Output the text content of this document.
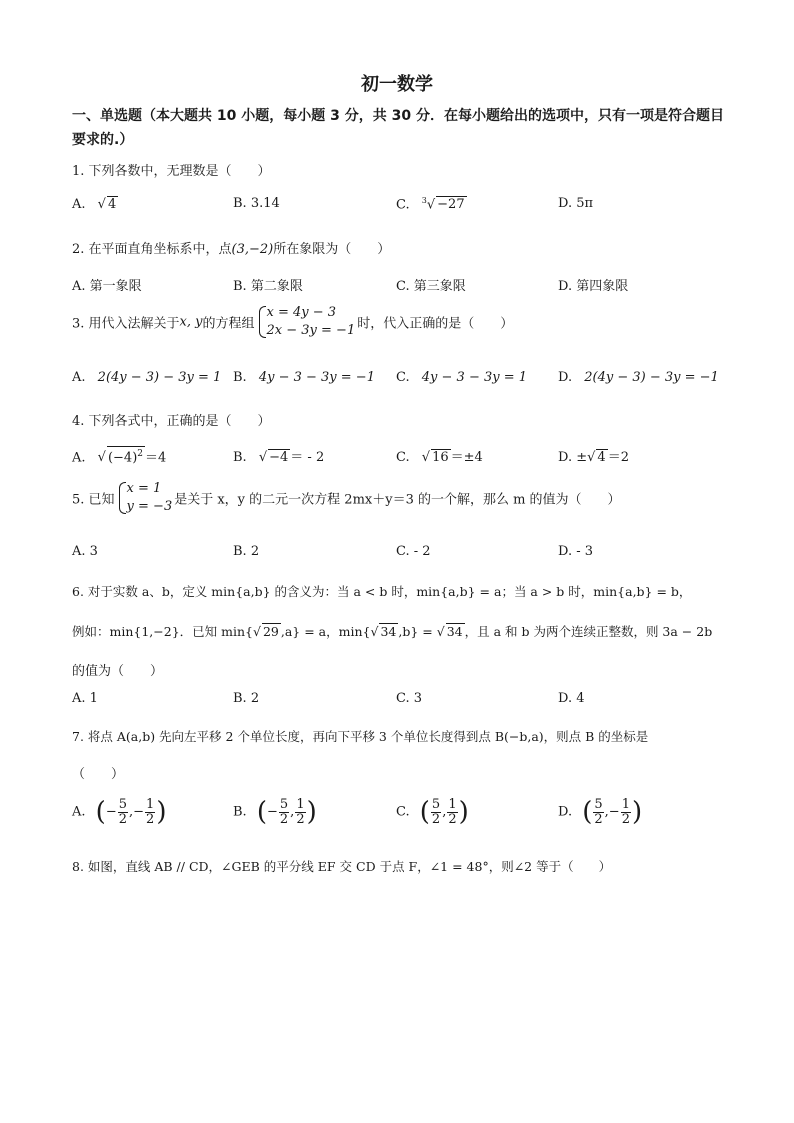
初一数学
一、单选题（本大题共 10 小题，每小题 3 分，共 30 分．在每小题给出的选项中，只有一项是符合题目要求的.）
1. 下列各数中，无理数是（　　）
A. √ 4	B. 3.14	C. $^3$√ −27	D. 5π
2. 在平面直角坐标系中，点(3,−2)所在象限为（　　）
A. 第一象限	B. 第二象限	C. 第三象限	D. 第四象限
3. 用代入法解关于x, y的方程组
x = 4y − 3
2x − 3y = −1 时，代入正确的是（　　）
A. 2(4y − 3) − 3y = 1 B. 4y − 3 − 3y = −1 C. 4y − 3 − 3y = 1 D. 2(4y − 3) − 3y = −1
4. 下列各式中，正确的是（　　）
A. √ $(-4)^2 =4$	B. √ −4 ＝ - 2	C. √ 16 ＝±4	D. ±√ 4 ＝2
5. 已知
x = 1
y = −3 是关于 x，y 的二元一次方程 2mx＋y＝3 的一个解，那么 m 的值为（　　）
A. 3	B. 2	C. - 2	D. - 3
6. 对于实数 a、b，定义 min{a,b} 的含义为：当 a < b 时，min{a,b} = a；当 a > b 时，min{a,b} = b，
例如：min{1,−2}．已知 min{√ 29 ,a} = a，min{√ 34 ,b} = √ 34 ，且 a 和 b 为两个连续正整数，则 3a − 2b
的值为（　　）
A. 1	B. 2	C. 3	D. 4
7. 将点 A(a,b) 先向左平移 2 个单位长度，再向下平移 3 个单位长度得到点 B(−b,a)，则点 B 的坐标是
（　　）
A. (− $\frac{5}{2}$ ,− $\frac{1}{2}$ )	B. (− $\frac{5}{2}$ , $\frac{1}{2}$ )	C. ( $\frac{5}{2}$ , $\frac{1}{2}$ )	D. ( $\frac{5}{2}$ ,− $\frac{1}{2}$ )
8. 如图，直线 AB // CD，∠GEB 的平分线 EF 交 CD 于点 F，∠1 = 48°，则∠2 等于（　　）
